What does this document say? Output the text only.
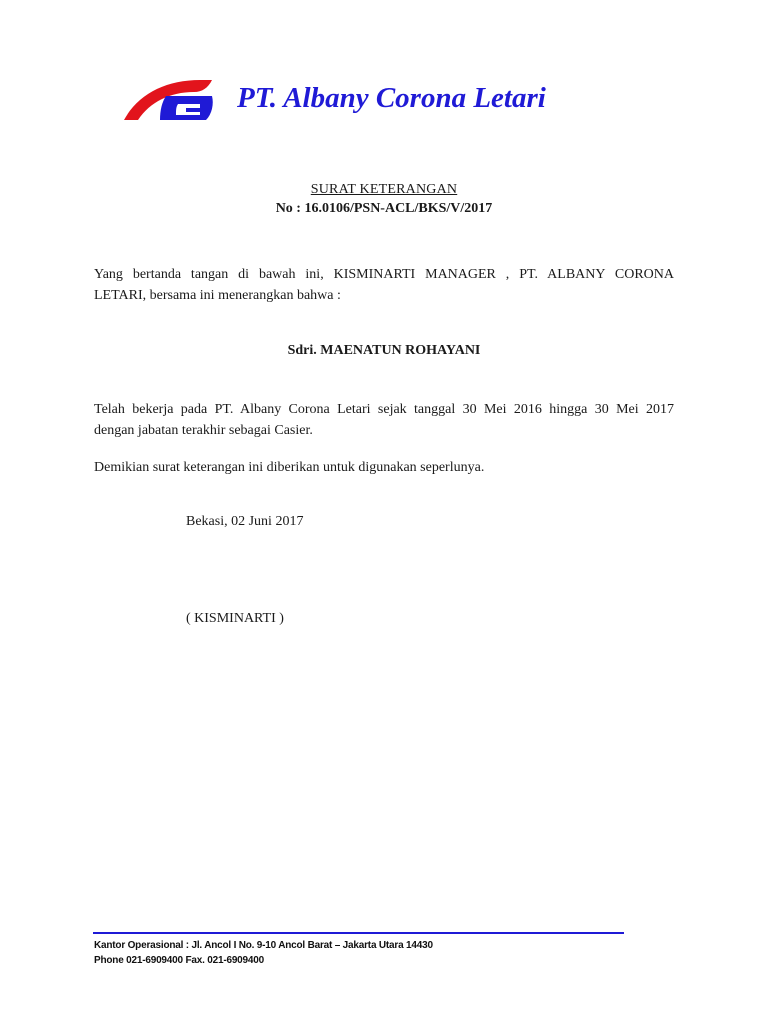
PT. Albany Corona Letari
SURAT KETERANGAN
No : 16.0106/PSN-ACL/BKS/V/2017
Yang bertanda tangan di bawah ini, KISMINARTI MANAGER , PT. ALBANY CORONA
LETARI, bersama ini menerangkan bahwa :
Sdri. MAENATUN ROHAYANI
Telah bekerja pada PT. Albany Corona Letari sejak tanggal 30 Mei 2016 hingga 30 Mei 2017
dengan jabatan terakhir sebagai Casier.
Demikian surat keterangan ini diberikan untuk digunakan seperlunya.
Bekasi, 02 Juni 2017
( KISMINARTI )
Kantor Operasional : Jl. Ancol I No. 9-10 Ancol Barat – Jakarta Utara 14430
Phone 021-6909400 Fax. 021-6909400
